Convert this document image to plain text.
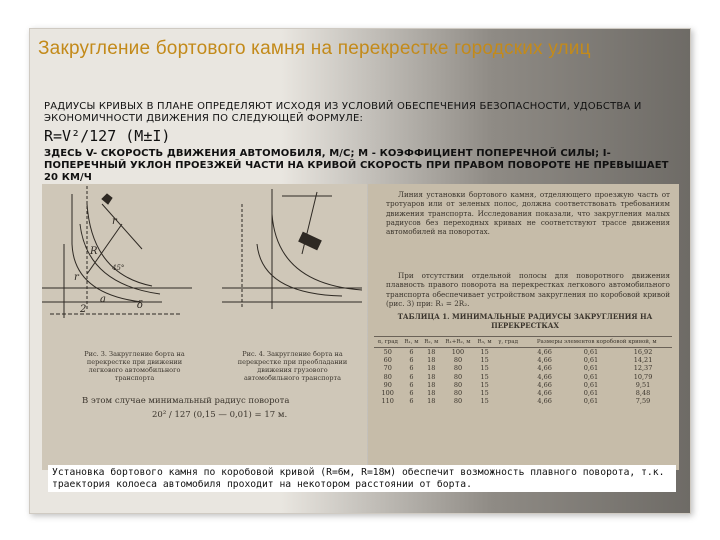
Закругление бортового камня на перекрестке городских улиц
РАДИУСЫ КРИВЫХ В ПЛАНЕ ОПРЕДЕЛЯЮТ ИСХОДЯ ИЗ УСЛОВИЙ ОБЕСПЕЧЕНИЯ БЕЗОПАСНОСТИ, УДОБСТВА И ЭКОНОМИЧНОСТИ ДВИЖЕНИЯ ПО СЛЕДУЮЩЕЙ ФОРМУЛЕ:
R=V²/127 (M±I)
ЗДЕСЬ V- СКОРОСТЬ ДВИЖЕНИЯ АВТОМОБИЛЯ, М/С; М - КОЭФФИЦИЕНТ ПОПЕРЕЧНОЙ СИЛЫ; I- ПОПЕРЕЧНЫЙ УКЛОН ПРОЕЗЖЕЙ ЧАСТИ НА КРИВОЙ СКОРОСТЬ ПРИ ПРАВОМ ПОВОРОТЕ НЕ ПРЕВЫШАЕТ 20 КМ/Ч
r
a
δ
R
r
2
45°
Рис. 3. Закругление борта на перекрестке при движении легкового автомобильного транспорта
Рис. 4. Закругление борта на перекрестке при преобладании движения грузового автомобильного транспорта
В этом случае минимальный радиус поворота
20² / 127 (0,15 — 0,01) = 17 м.
Линия установки бортового камня, отделяющего проезжую часть от тротуаров или от зеленых полос, должна соответствовать требованиям движения транспорта. Исследования показали, что закругления малых радиусов без переходных кривых не соответствуют трассе движения автомобилей на поворотах.
При отсутствии отдельной полосы для поворотного движения плавность правого поворота на перекрестках легкового автомобильного транспорта обеспечивает устройством закругления по коробовой кривой (рис. 3) при: R₁ = 2R₂.
ТАБЛИЦА 1. МИНИМАЛЬНЫЕ РАДИУСЫ ЗАКРУГЛЕНИЯ НА ПЕРЕКРЕСТКАХ
α, град	R₁, м	R₂, м	R₁+R₂, м	R₃, м	γ, град	Размеры элементов коробовой кривой, м		
50	6	18	100	15		4,66	0,61	16,92
60	6	18	80	15		4,66	0,61	14,21
70	6	18	80	15		4,66	0,61	12,37
80	6	18	80	15		4,66	0,61	10,79
90	6	18	80	15		4,66	0,61	9,51
100	6	18	80	15		4,66	0,61	8,48
110	6	18	80	15		4,66	0,61	7,59
Установка бортового камня по коробовой кривой (R=6м, R=18м) обеспечит возможность плавного поворота, т.к. траектория колоеса автомобиля проходит на некотором расстоянии от борта.
